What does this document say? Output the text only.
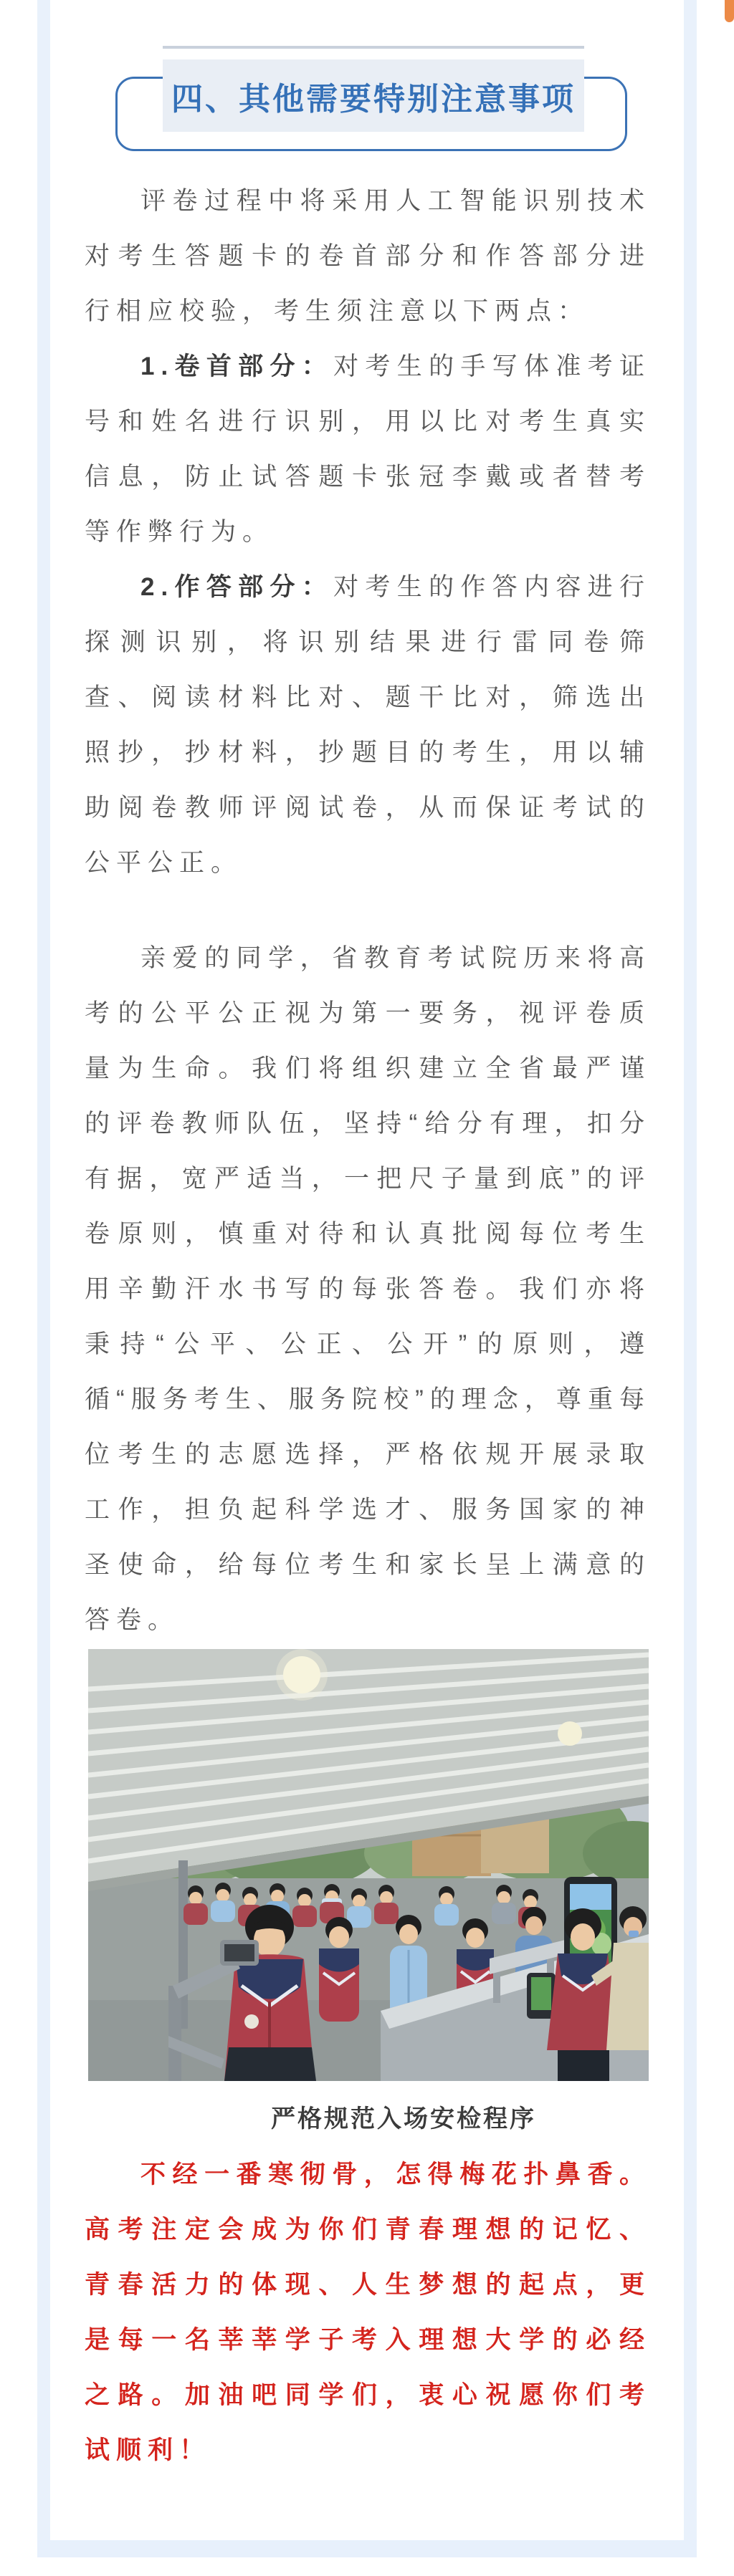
四、其他需要特别注意事项

评卷过程中将采用人工智能识别技术对考生答题卡的卷首部分和作答部分进行相应校验，考生须注意以下两点：

1.卷首部分：对考生的手写体准考证号和姓名进行识别，用以比对考生真实信息，防止试答题卡张冠李戴或者替考等作弊行为。

2.作答部分：对考生的作答内容进行探测识别，将识别结果进行雷同卷筛查、阅读材料比对、题干比对，筛选出照抄，抄材料，抄题目的考生，用以辅助阅卷教师评阅试卷，从而保证考试的公平公正。

亲爱的同学，省教育考试院历来将高考的公平公正视为第一要务，视评卷质量为生命。我们将组织建立全省最严谨的评卷教师队伍，坚持“给分有理，扣分有据，宽严适当，一把尺子量到底”的评卷原则，慎重对待和认真批阅每位考生用辛勤汗水书写的每张答卷。我们亦将秉持“公平、公正、公开”的原则，遵循“服务考生、服务院校”的理念，尊重每位考生的志愿选择，严格依规开展录取工作，担负起科学选才、服务国家的神圣使命，给每位考生和家长呈上满意的答卷。

严格规范入场安检程序

不经一番寒彻骨，怎得梅花扑鼻香。高考注定会成为你们青春理想的记忆、青春活力的体现、人生梦想的起点，更是每一名莘莘学子考入理想大学的必经之路。加油吧同学们，衷心祝愿你们考试顺利！
